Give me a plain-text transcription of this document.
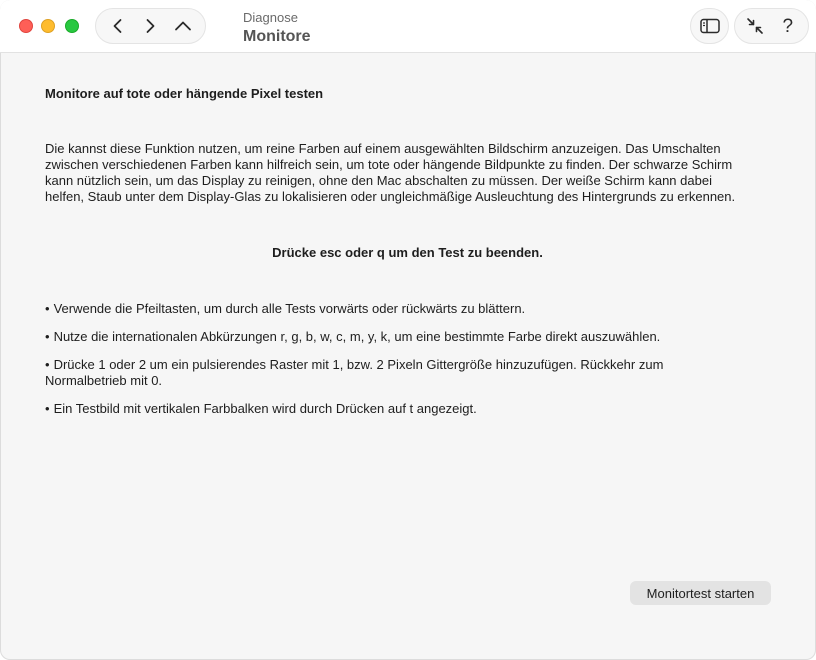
Diagnose
Monitore	?
Monitore auf tote oder hängende Pixel testen
Die kannst diese Funktion nutzen, um reine Farben auf einem ausgewählten Bildschirm anzuzeigen. Das Umschalten
zwischen verschiedenen Farben kann hilfreich sein, um tote oder hängende Bildpunkte zu finden. Der schwarze Schirm
kann nützlich sein, um das Display zu reinigen, ohne den Mac abschalten zu müssen. Der weiße Schirm kann dabei
helfen, Staub unter dem Display-Glas zu lokalisieren oder ungleichmäßige Ausleuchtung des Hintergrunds zu erkennen.
Drücke esc oder q um den Test zu beenden.
• Verwende die Pfeiltasten, um durch alle Tests vorwärts oder rückwärts zu blättern.
• Nutze die internationalen Abkürzungen r, g, b, w, c, m, y, k, um eine bestimmte Farbe direkt auszuwählen.
• Drücke 1 oder 2 um ein pulsierendes Raster mit 1, bzw. 2 Pixeln Gittergröße hinzuzufügen. Rückkehr zum
Normalbetrieb mit 0.
• Ein Testbild mit vertikalen Farbbalken wird durch Drücken auf t angezeigt.
Monitortest starten
